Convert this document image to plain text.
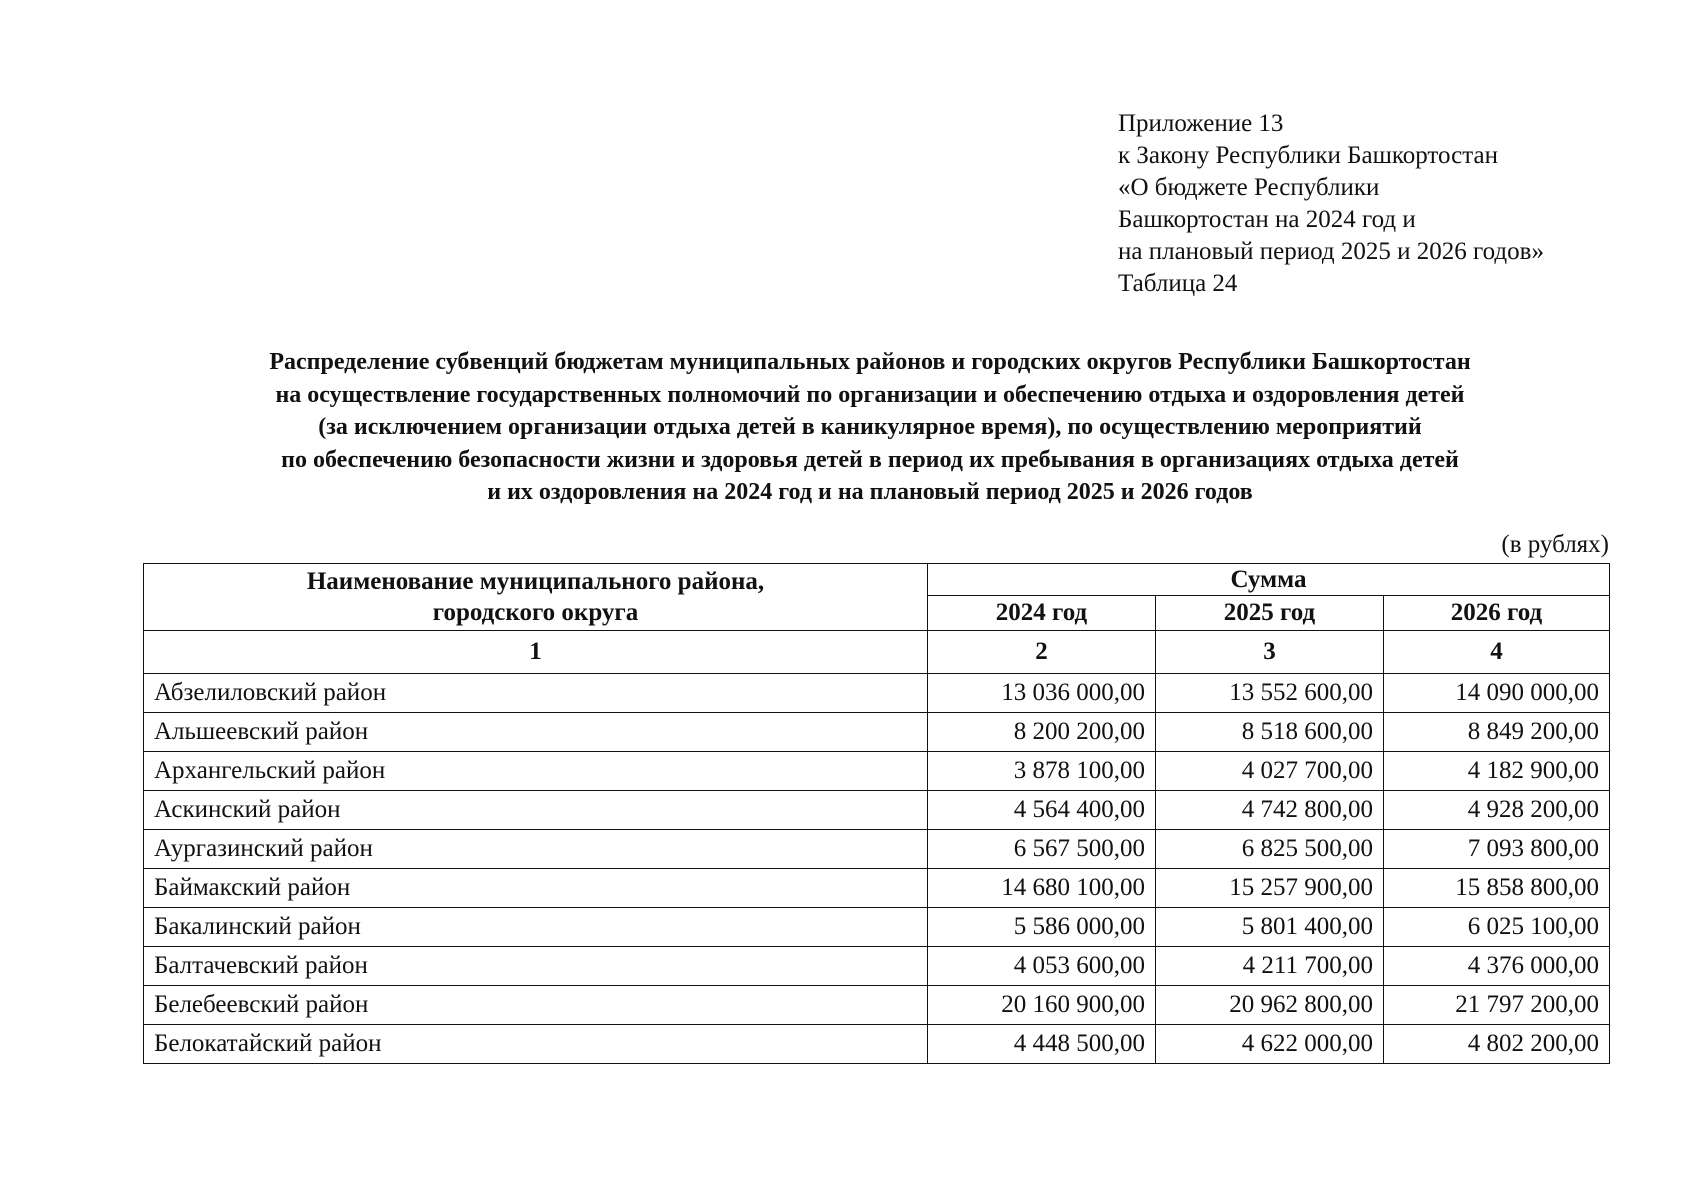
Приложение 13
к Закону Республики Башкортостан
«О бюджете Республики
Башкортостан на 2024 год и
на плановый период 2025 и 2026 годов»
Таблица 24
Распределение субвенций бюджетам муниципальных районов и городских округов Республики Башкортостан
на осуществление государственных полномочий по организации и обеспечению отдыха и оздоровления детей
(за исключением организации отдыха детей в каникулярное время), по осуществлению мероприятий
по обеспечению безопасности жизни и здоровья детей в период их пребывания в организациях отдыха детей
и их оздоровления на 2024 год и на плановый период 2025 и 2026 годов
(в рублях)
Наименование муниципального района,
городского округа	Сумма		
	2024 год	2025 год	2026 год
1	2	3	4
Абзелиловский район	13 036 000,00	13 552 600,00	14 090 000,00
Альшеевский район	8 200 200,00	8 518 600,00	8 849 200,00
Архангельский район	3 878 100,00	4 027 700,00	4 182 900,00
Аскинский район	4 564 400,00	4 742 800,00	4 928 200,00
Аургазинский район	6 567 500,00	6 825 500,00	7 093 800,00
Баймакский район	14 680 100,00	15 257 900,00	15 858 800,00
Бакалинский район	5 586 000,00	5 801 400,00	6 025 100,00
Балтачевский район	4 053 600,00	4 211 700,00	4 376 000,00
Белебеевский район	20 160 900,00	20 962 800,00	21 797 200,00
Белокатайский район	4 448 500,00	4 622 000,00	4 802 200,00
